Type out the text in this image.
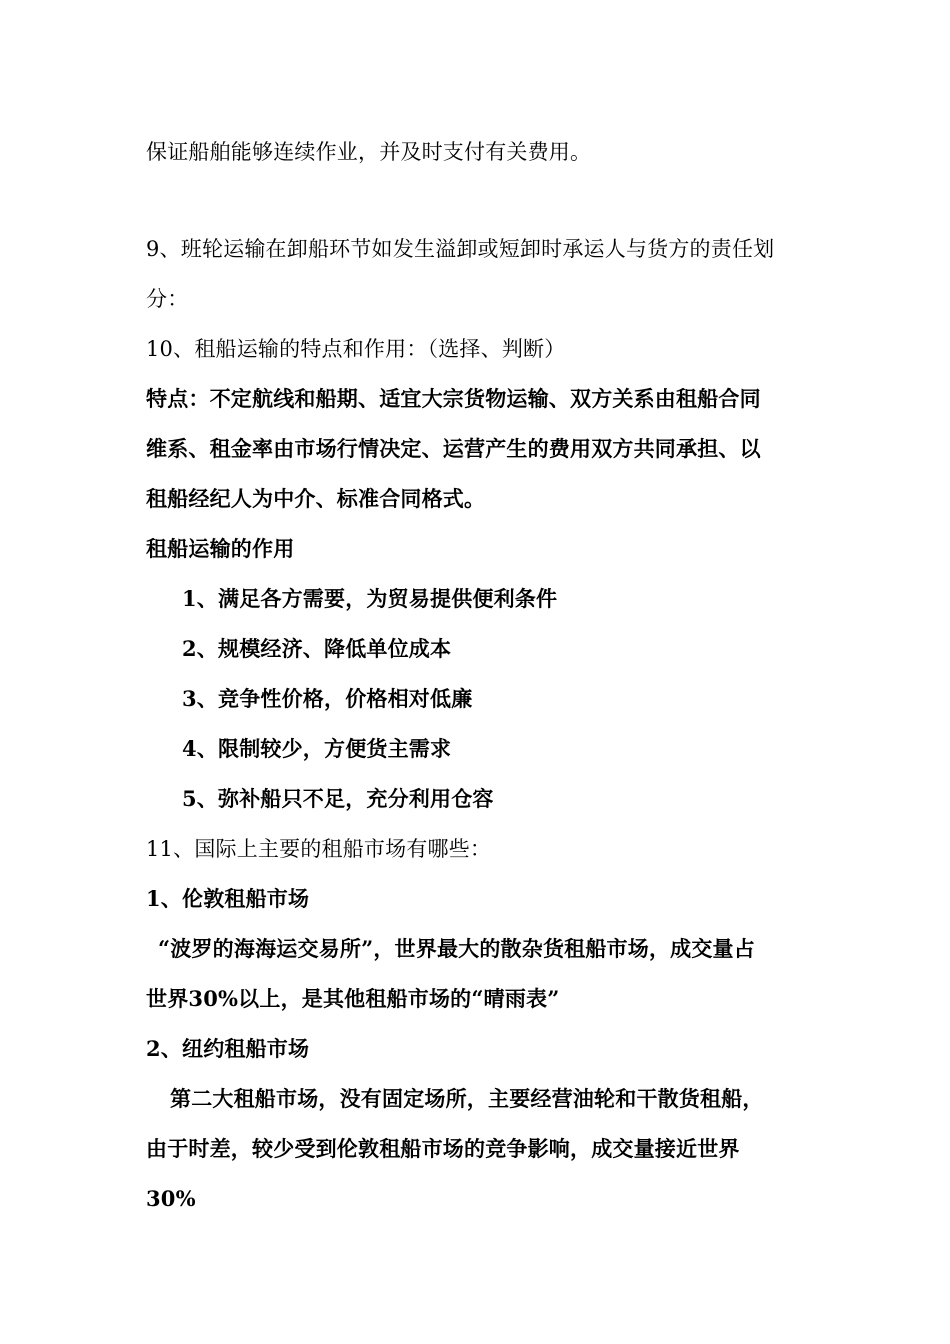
保证船舶能够连续作业，并及时支付有关费用。
9、班轮运输在卸船环节如发生溢卸或短卸时承运人与货方的责任划
分：
10、租船运输的特点和作用：（选择、判断）
特点：不定航线和船期、适宜大宗货物运输、双方关系由租船合同
维系、租金率由市场行情决定、运营产生的费用双方共同承担、以
租船经纪人为中介、标准合同格式。
租船运输的作用
1、满足各方需要，为贸易提供便利条件
2、规模经济、降低单位成本
3、竞争性价格，价格相对低廉
4、限制较少，方便货主需求
5、弥补船只不足，充分利用仓容
11、国际上主要的租船市场有哪些：
1、伦敦租船市场
“波罗的海海运交易所”，世界最大的散杂货租船市场，成交量占
世界30%以上，是其他租船市场的“晴雨表”
2、纽约租船市场
第二大租船市场，没有固定场所，主要经营油轮和干散货租船，
由于时差，较少受到伦敦租船市场的竞争影响，成交量接近世界
30%
